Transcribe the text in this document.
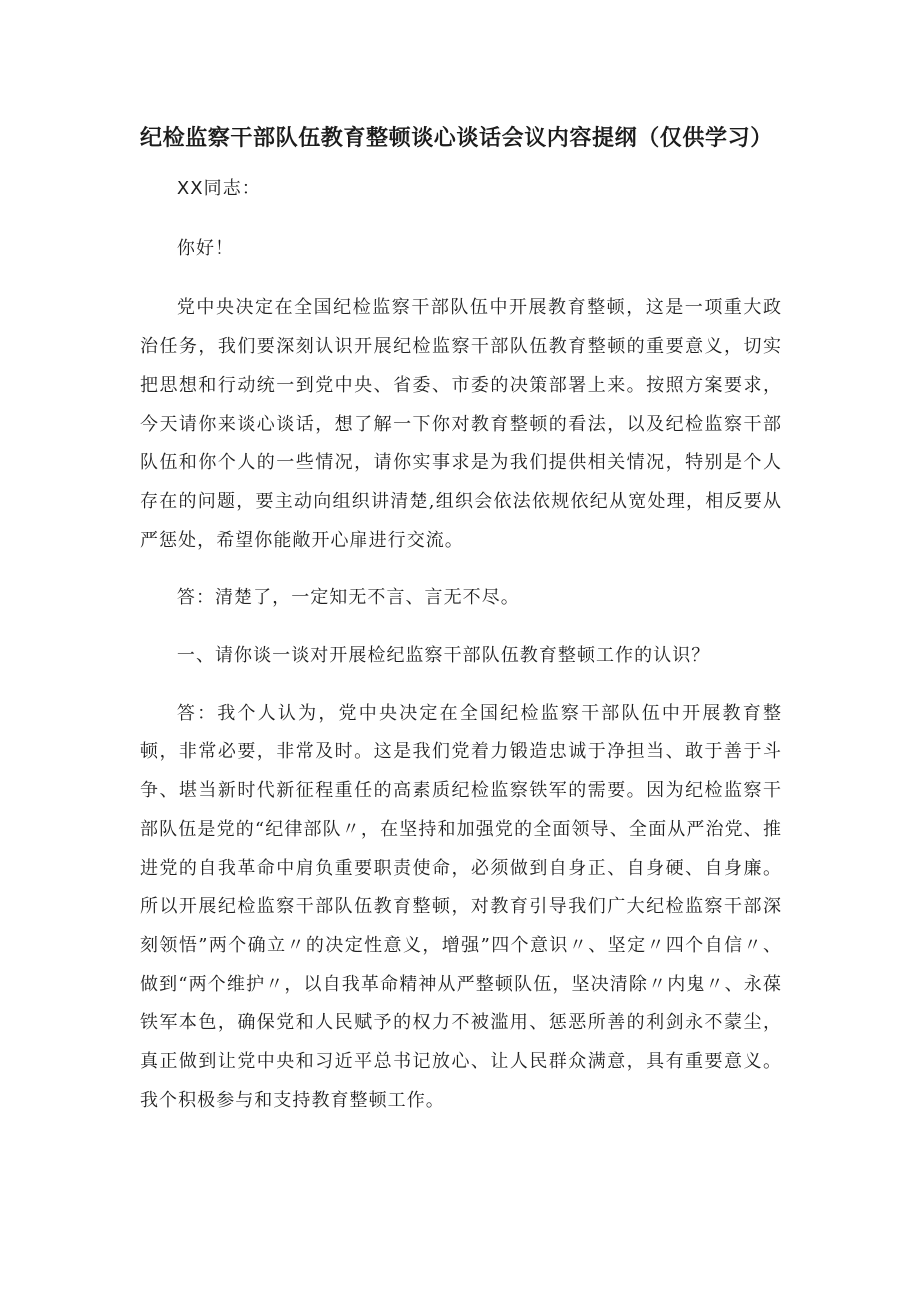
纪检监察干部队伍教育整顿谈心谈话会议内容提纲（仅供学习）

XX同志：

你好！

党中央决定在全国纪检监察干部队伍中开展教育整顿，这是一项重大政治任务，我们要深刻认识开展纪检监察干部队伍教育整顿的重要意义，切实把思想和行动统一到党中央、省委、市委的决策部署上来。按照方案要求，今天请你来谈心谈话，想了解一下你对教育整顿的看法，以及纪检监察干部队伍和你个人的一些情况，请你实事求是为我们提供相关情况，特别是个人存在的问题，要主动向组织讲清楚,组织会依法依规依纪从宽处理，相反要从严惩处，希望你能敞开心扉进行交流。

答：清楚了，一定知无不言、言无不尽。

一、请你谈一谈对开展检纪监察干部队伍教育整顿工作的认识？

答：我个人认为，党中央决定在全国纪检监察干部队伍中开展教育整顿，非常必要，非常及时。这是我们党着力锻造忠诚于净担当、敢于善于斗争、堪当新时代新征程重任的高素质纪检监察铁军的需要。因为纪检监察干部队伍是党的“纪律部队〃，在坚持和加强党的全面领导、全面从严治党、推进党的自我革命中肩负重要职责使命，必须做到自身正、自身硬、自身廉。所以开展纪检监察干部队伍教育整顿，对教育引导我们广大纪检监察干部深刻领悟”两个确立〃的决定性意义，增强”四个意识〃、坚定〃四个自信〃、做到“两个维护〃，以自我革命精神从严整顿队伍，坚决清除〃内鬼〃、永葆铁军本色，确保党和人民赋予的权力不被滥用、惩恶所善的利剑永不蒙尘，真正做到让党中央和习近平总书记放心、让人民群众满意，具有重要意义。我个积极参与和支持教育整顿工作。
